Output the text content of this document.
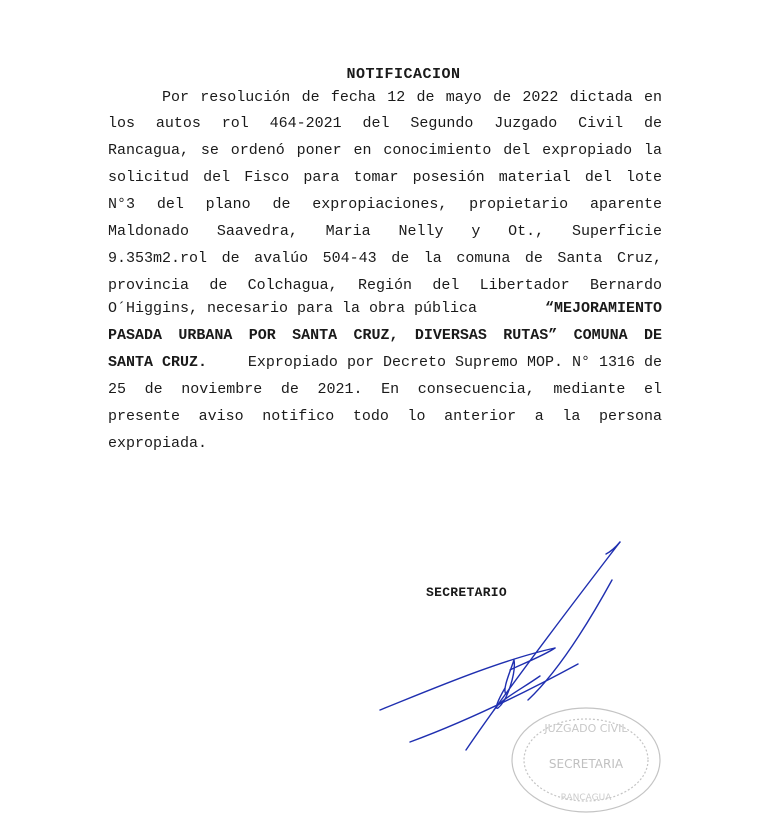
NOTIFICACION
Por resolución de fecha 12 de mayo de 2022 dictada en
los autos rol 464-2021 del Segundo Juzgado Civil de
Rancagua, se ordenó poner en conocimiento del expropiado la
solicitud del Fisco para tomar posesión material del lote
N°3 del plano de expropiaciones, propietario aparente
Maldonado Saavedra, Maria Nelly y Ot., Superficie
9.353m2.rol de avalúo 504-43 de la comuna de Santa Cruz,
provincia de Colchagua, Región del Libertador Bernardo
O´Higgins, necesario para la obra pública	“MEJORAMIENTO
PASADA URBANA POR SANTA CRUZ, DIVERSAS RUTAS” COMUNA DE
SANTA CRUZ.	Expropiado por Decreto Supremo MOP. N° 1316 de
25 de noviembre de 2021. En consecuencia, mediante el
presente aviso notifico todo lo anterior a la persona
expropiada.
SECRETARIO
JUZGADO CIVIL
SECRETARIA
RANCAGUA
